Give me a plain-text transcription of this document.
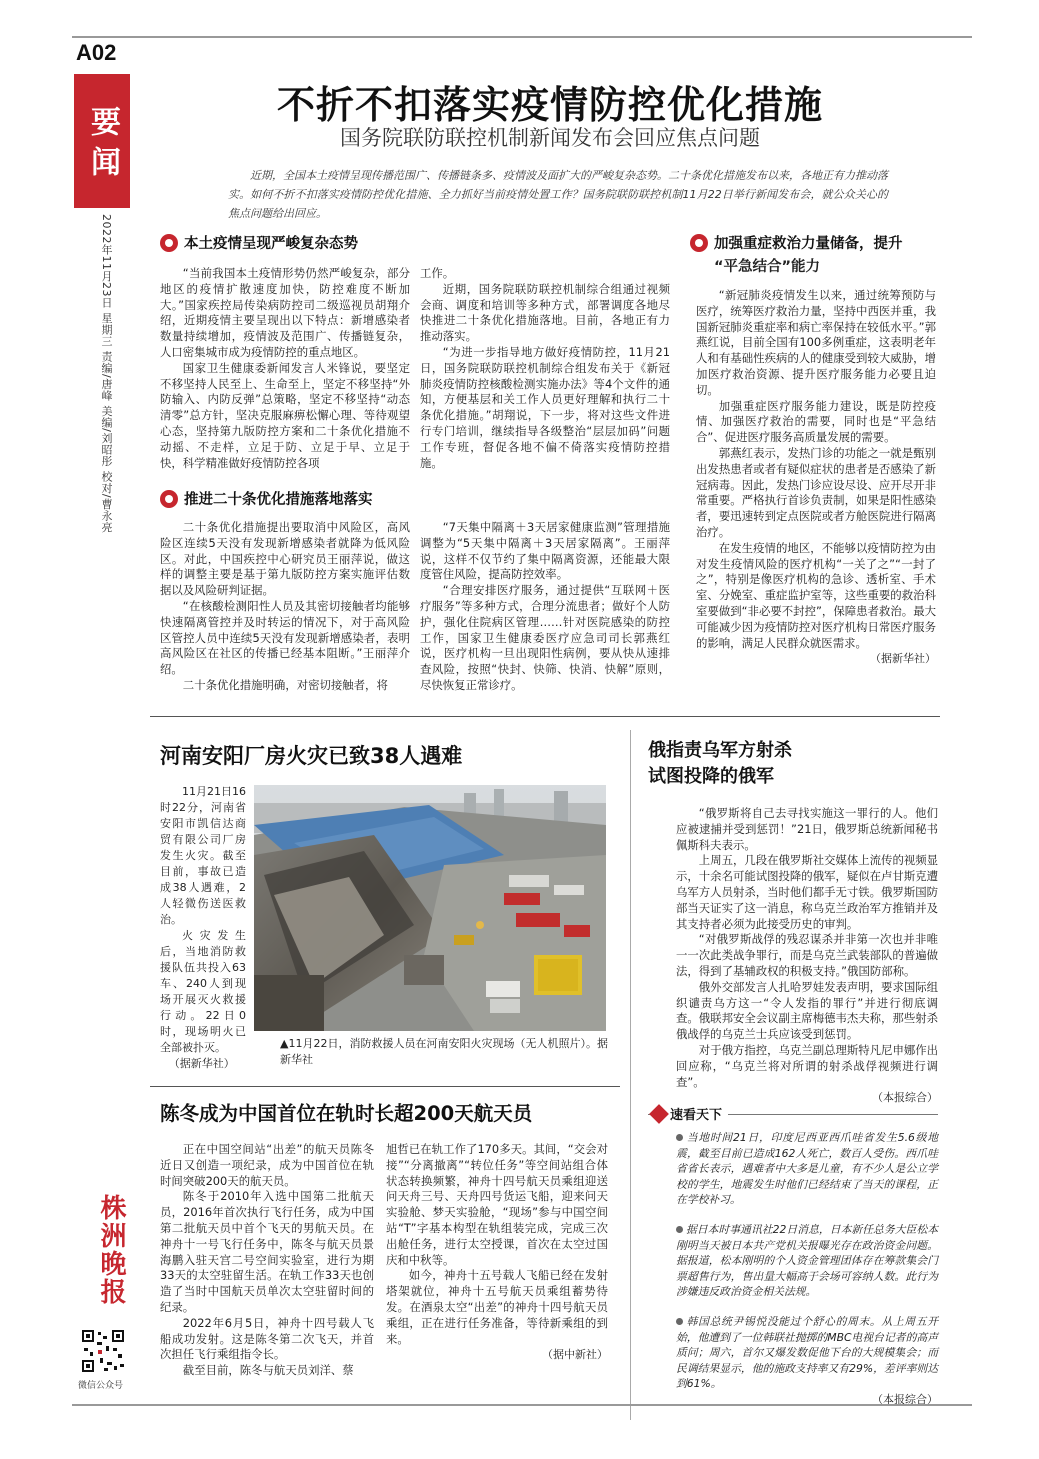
A02
要闻
2022年11月23日 星期三 责编/唐峰 美编/刘昭彤 校对/曹永亮
株洲晚报
微信公众号
不折不扣落实疫情防控优化措施
国务院联防联控机制新闻发布会回应焦点问题

近期，全国本土疫情呈现传播范围广、传播链条多、疫情波及面扩大的严峻复杂态势。二十条优化措施发布以来，各地正有力推动落实。如何不折不扣落实疫情防控优化措施、全力抓好当前疫情处置工作？国务院联防联控机制11月22日举行新闻发布会，就公众关心的焦点问题给出回应。

本土疫情呈现严峻复杂态势

“当前我国本土疫情形势仍然严峻复杂，部分地区的疫情扩散速度加快，防控难度不断加大。”国家疾控局传染病防控司二级巡视员胡翔介绍，近期疫情主要呈现出以下特点：新增感染者数量持续增加，疫情波及范围广、传播链复杂，人口密集城市成为疫情防控的重点地区。

国家卫生健康委新闻发言人米锋说，要坚定不移坚持人民至上、生命至上，坚定不移坚持“外防输入、内防反弹”总策略，坚定不移坚持“动态清零”总方针，坚决克服麻痹松懈心理、等待观望心态，坚持第九版防控方案和二十条优化措施不动摇、不走样，立足于防、立足于早、立足于快，科学精准做好疫情防控各项

工作。

近期，国务院联防联控机制综合组通过视频会商、调度和培训等多种方式，部署调度各地尽快推进二十条优化措施落地。目前，各地正有力推动落实。

“为进一步指导地方做好疫情防控，11月21日，国务院联防联控机制综合组发布关于《新冠肺炎疫情防控核酸检测实施办法》等4个文件的通知，方便基层和关工作人员更好理解和执行二十条优化措施。”胡翔说，下一步，将对这些文件进行专门培训，继续指导各级整治“层层加码”问题工作专班，督促各地不偏不倚落实疫情防控措施。

推进二十条优化措施落地落实

二十条优化措施提出要取消中风险区，高风险区连续5天没有发现新增感染者就降为低风险区。对此，中国疾控中心研究员王丽萍说，做这样的调整主要是基于第九版防控方案实施评估数据以及风险研判证据。

“在核酸检测阳性人员及其密切接触者均能够快速隔离管控并及时转运的情况下，对于高风险区管控人员中连续5天没有发现新增感染者，表明高风险区在社区的传播已经基本阻断。”王丽萍介绍。

二十条优化措施明确，对密切接触者，将

“7天集中隔离＋3天居家健康监测”管理措施调整为“5天集中隔离＋3天居家隔离”。王丽萍说，这样不仅节约了集中隔离资源，还能最大限度管住风险，提高防控效率。

“合理安排医疗服务，通过提供“互联网＋医疗服务”等多种方式，合理分流患者；做好个人防护，强化住院病区管理……针对医院感染的防控工作，国家卫生健康委医疗应急司司长郭燕红说，医疗机构一旦出现阳性病例，要从快从速排查风险，按照“快封、快筛、快消、快解”原则，尽快恢复正常诊疗。

加强重症救治力量储备，提升
“平急结合”能力

“新冠肺炎疫情发生以来，通过统筹预防与医疗，统筹医疗救治力量，坚持中西医并重，我国新冠肺炎重症率和病亡率保持在较低水平。”郭燕红说，目前全国有100多例重症，这表明老年人和有基础性疾病的人的健康受到较大威胁，增加医疗救治资源、提升医疗服务能力必要且迫切。

加强重症医疗服务能力建设，既是防控疫情、加强医疗救治的需要，同时也是“平急结合”、促进医疗服务高质量发展的需要。

郭燕红表示，发热门诊的功能之一就是甄别出发热患者或者有疑似症状的患者是否感染了新冠病毒。因此，发热门诊应设尽设、应开尽开非常重要。严格执行首诊负责制，如果是阳性感染者，要迅速转到定点医院或者方舱医院进行隔离治疗。

在发生疫情的地区，不能够以疫情防控为由对发生疫情风险的医疗机构“一关了之”“一封了之”，特别是像医疗机构的急诊、透析室、手术室、分娩室、重症监护室等，这些重要的救治科室要做到“非必要不封控”，保障患者救治。最大可能减少因为疫情防控对医疗机构日常医疗服务的影响，满足人民群众就医需求。

（据新华社）

河南安阳厂房火灾已致38人遇难

11月21日16时22分，河南省安阳市凯信达商贸有限公司厂房发生火灾。截至目前，事故已造成38人遇难，2人轻微伤送医救治。

火灾发生后，当地消防救援队伍共投入63车、240人到现场开展灭火救援行动。22日0时，现场明火已全部被扑灭。

（据新华社）

▲11月22日，消防救援人员在河南安阳火灾现场（无人机照片）。据新华社
俄指责乌军方射杀
试图投降的俄军

“俄罗斯将自己去寻找实施这一罪行的人。他们应被逮捕并受到惩罚！”21日，俄罗斯总统新闻秘书佩斯科夫表示。

上周五，几段在俄罗斯社交媒体上流传的视频显示，十余名可能试图投降的俄军，疑似在卢甘斯克遭乌军方人员射杀，当时他们都手无寸铁。俄罗斯国防部当天证实了这一消息，称乌克兰政治军方推销并及其支持者必须为此接受历史的审判。

“对俄罗斯战俘的残忍谋杀并非第一次也并非唯一一次此类战争罪行，而是乌克兰武装部队的普遍做法，得到了基辅政权的积极支持。”俄国防部称。

俄外交部发言人扎哈罗娃发表声明，要求国际组织谴责乌方这一“令人发指的罪行”并进行彻底调查。俄联邦安全会议副主席梅德韦杰夫称，那些射杀俄战俘的乌克兰士兵应该受到惩罚。

对于俄方指控，乌克兰副总理斯特凡尼申娜作出回应称，“乌克兰将对所谓的射杀战俘视频进行调查”。

（本报综合）

陈冬成为中国首位在轨时长超200天航天员

正在中国空间站“出差”的航天员陈冬近日又创造一项纪录，成为中国首位在轨时间突破200天的航天员。

陈冬于2010年入选中国第二批航天员，2016年首次执行飞行任务，成为中国第二批航天员中首个飞天的男航天员。在神舟十一号飞行任务中，陈冬与航天员景海鹏入驻天宫二号空间实验室，进行为期33天的太空驻留生活。在轨工作33天也创造了当时中国航天员单次太空驻留时间的纪录。

2022年6月5日，神舟十四号载人飞船成功发射。这是陈冬第二次飞天，并首次担任飞行乘组指令长。

截至目前，陈冬与航天员刘洋、蔡

旭哲已在轨工作了170多天。其间，“交会对接”“分离撤离”“转位任务”等空间站组合体状态转换频繁，神舟十四号航天员乘组迎送问天舟三号、天舟四号货运飞船，迎来问天实验舱、梦天实验舱，“现场”参与中国空间站“T”字基本构型在轨组装完成，完成三次出舱任务，进行太空授课，首次在太空过国庆和中秋等。

如今，神舟十五号载人飞船已经在发射塔架就位，神舟十五号航天员乘组蓄势待发。在酒泉太空“出差”的神舟十四号航天员乘组，正在进行任务准备，等待新乘组的到来。

（据中新社）

速看天下

当地时间21日，印度尼西亚西爪哇省发生5.6级地震，截至目前已造成162人死亡，数百人受伤。西爪哇省省长表示，遇难者中大多是儿童，有不少人是公立学校的学生，地震发生时他们已经结束了当天的课程，正在学校补习。

据日本时事通讯社22日消息，日本新任总务大臣松本刚明当天被日本共产党机关报曝光存在政治资金问题。据报道，松本刚明的个人资金管理团体存在筹款集会门票超售行为，售出量大幅高于会场可容纳人数。此行为涉嫌违反政治资金相关法规。

韩国总统尹锡悦没能过个舒心的周末。从上周五开始，他遭到了一位韩联社抛掷的MBC电视台记者的高声质问；周六，首尔又爆发数促他下台的大规模集会；而民调结果显示，他的施政支持率又有29%，差评率则达到61%。

（本报综合）
